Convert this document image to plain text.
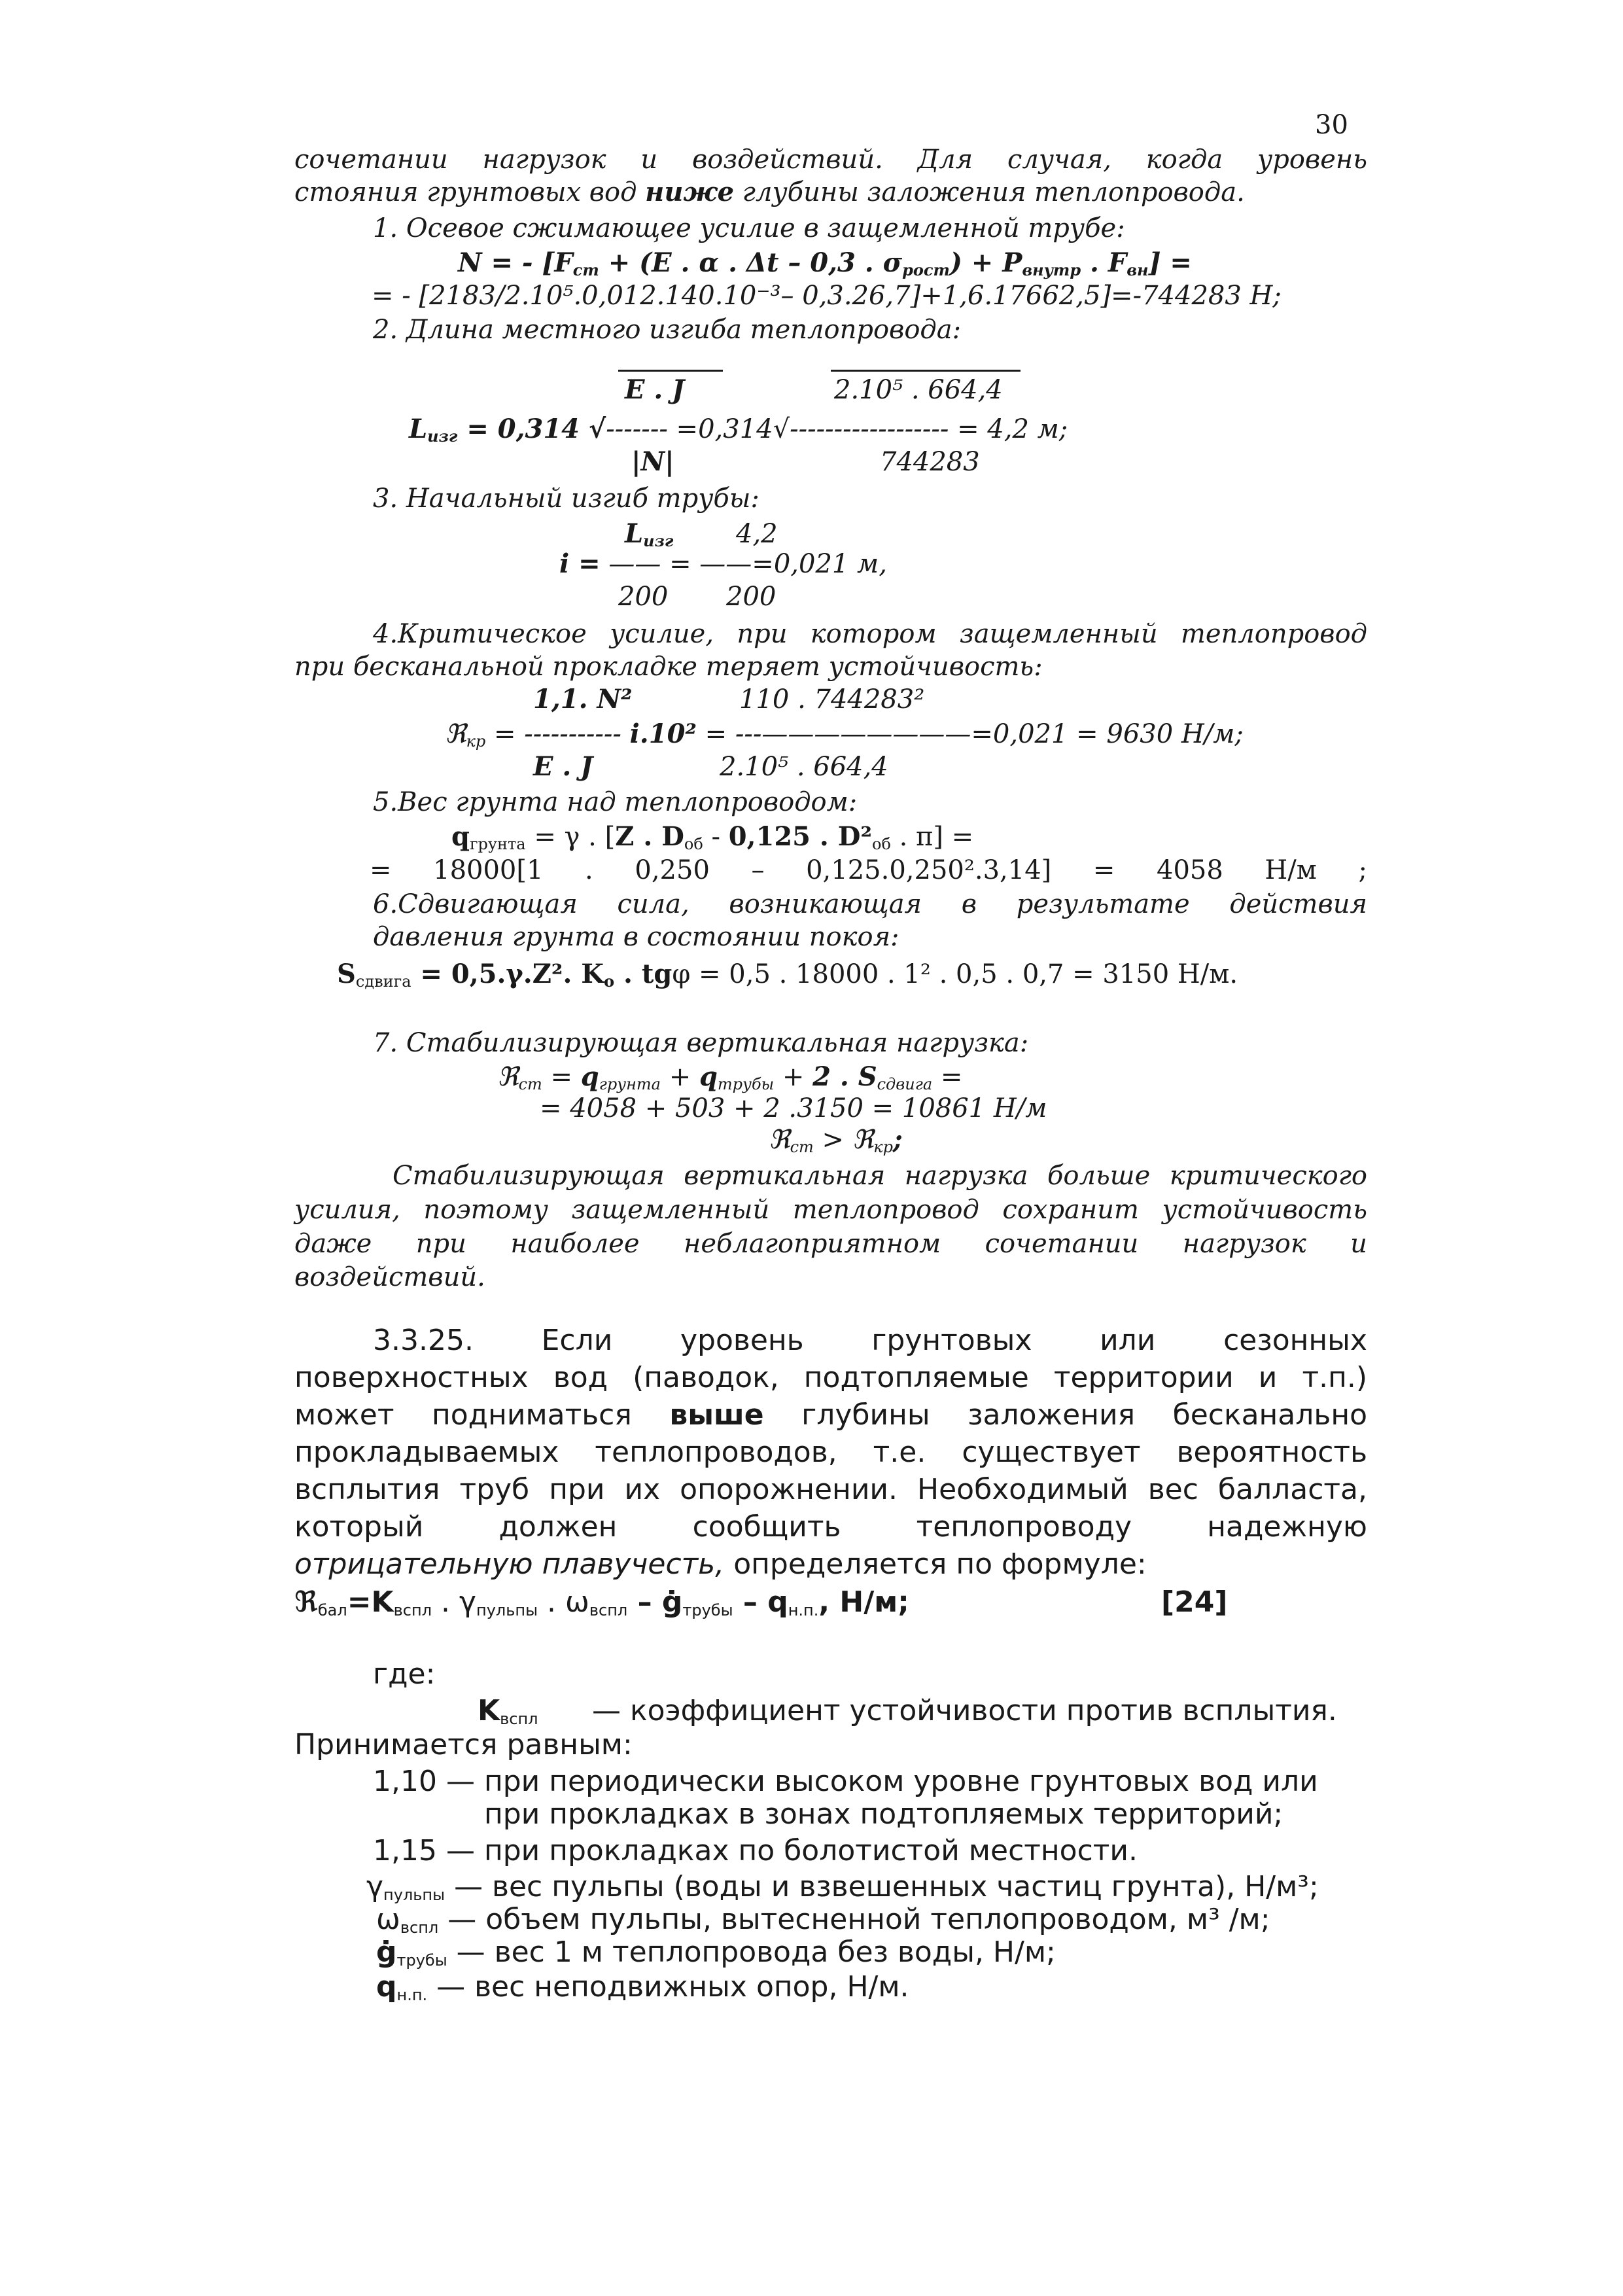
30
сочетании нагрузок и воздействий. Для случая, когда уровень
стояния грунтовых вод ниже глубины заложения теплопровода.
1. Осевое сжимающее усилие в защемленной трубе:
N = - [$F_{ст} + (E$ . α . Δt – 0,3 . $\sigma_{рост}) + P_{внутр}$ . $F_{вн}$] =
= - [2183/2.10⁵.0,012.140.10⁻³– 0,3.26,7]+1,6.17662,5]=-744283 Н;
2. Длина местного изгиба теплопровода:
E . J	2.10⁵ . 664,4
$L_{изг} = 0,314$ √------- =0,314√------------------ = 4,2 м;
|N|	744283
3. Начальный изгиб трубы:
$L_{изг}$ 4,2
i = —— = ——=0,021 м,
200 200
4.Критическое усилие, при котором защемленный теплопровод
при бесканальной прокладке теряет устойчивость:
1,1. N²	110 . 744283²
ℜ$_{кр}$ = ----------- i.10² = ---————————=0,021 = 9630 Н/м;
E . J	2.10⁵ . 664,4
5.Вес грунта над теплопроводом:
$q_{грунта} = \gamma$ . [Z . $D_{об} - 0,125$ . $D^2_{об}$ . π] =
= 18000[1 . 0,250 – 0,125.0,250².3,14] = 4058 Н/м ;
6.Сдвигающая сила, возникающая в результате действия
давления грунта в состоянии покоя:
$S_{сдвига} = 0,5.\gamma.Z^2$. $K_o$ . tgφ = 0,5 . 18000 . 1² . 0,5 . 0,7 = 3150 Н/м.
7. Стабилизирующая вертикальная нагрузка:
ℜ$_{ст}$ = $q_{грунта} + q_{трубы} + 2$ . $S_{сдвига}$ =
= 4058 + 503 + 2 .3150 = 10861 Н/м
ℜ$_{ст}$ > ℜ$_{кр}$;
Стабилизирующая вертикальная нагрузка больше критического
усилия, поэтому защемленный теплопровод сохранит устойчивость
даже при наиболее неблагоприятном сочетании нагрузок и
воздействий.
3.3.25. Если уровень грунтовых или сезонных
поверхностных вод (паводок, подтопляемые территории и т.п.)
может подниматься выше глубины заложения бесканально
прокладываемых теплопроводов, т.е. существует вероятность
всплытия труб при их опорожнении. Необходимый вес балласта,
который	должен	сообщить	теплопроводу	надежную
отрицательную плавучесть, определяется по формуле:
$ℜ_{бал}=K_{вспл}$ . $\gamma_{пульпы}$ . $\omega_{вспл}$ – $ġ_{трубы} - q_{н.п.}$, Н/м;	[24]
где:
$K_{вспл}$ — коэффициент устойчивости против всплытия.
Принимается равным:
1,10 — при периодически высоком уровне грунтовых вод или
при прокладках в зонах подтопляемых территорий;
1,15 — при прокладках по болотистой местности.
$\gamma_{пульпы}$ — вес пульпы (воды и взвешенных частиц грунта), Н/м³;
$\omega_{вспл}$ — объем пульпы, вытесненной теплопроводом, м³ /м;
$ġ_{трубы}$ — вес 1 м теплопровода без воды, Н/м;
$q_{н.п.}$ — вес неподвижных опор, Н/м.
